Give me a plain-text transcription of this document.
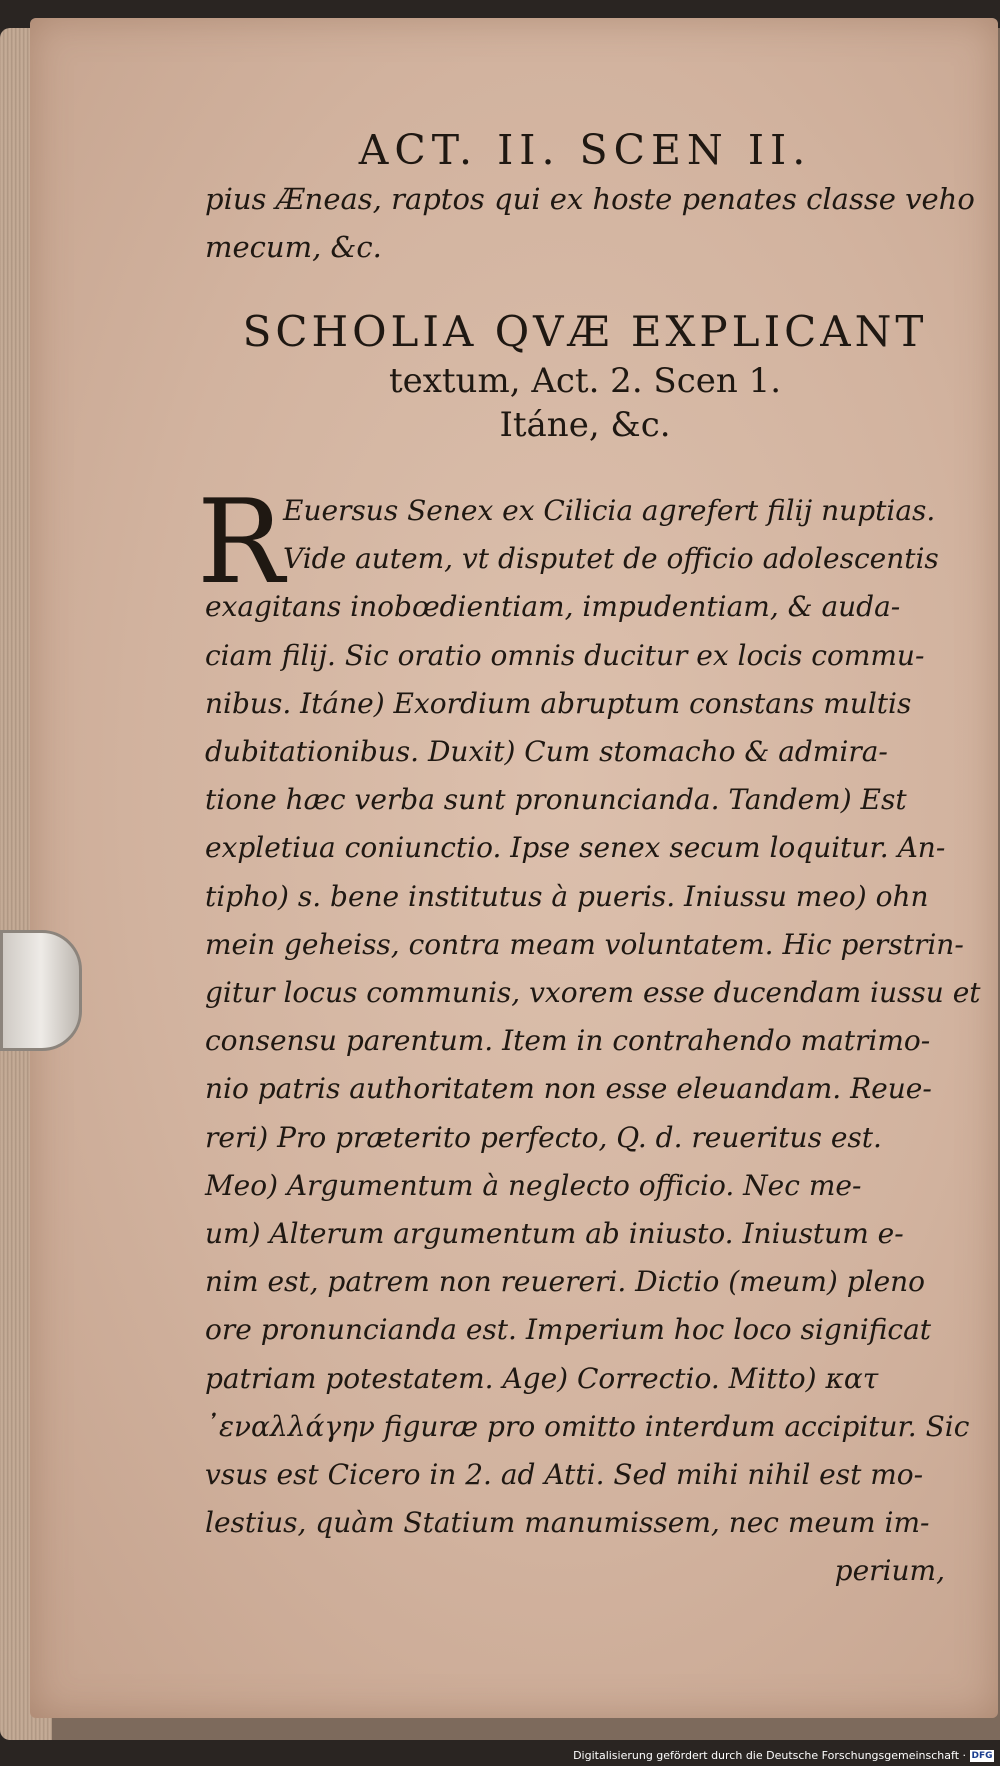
ACT. II. SCEN II.

pius Æneas, raptos qui ex hoste penates classe veho

mecum, &c.

SCHOLIA QVÆ EXPLICANT

textum, Act. 2. Scen 1.

Itáne, &c.

R

Euersus Senex ex Cilicia agrefert filij nuptias.

Vide autem, vt disputet de officio adolescentis

exagitans inobœdientiam, impudentiam, & auda-

ciam filij. Sic oratio omnis ducitur ex locis commu-

nibus. Itáne) Exordium abruptum constans multis

dubitationibus. Duxit) Cum stomacho & admira-

tione hæc verba sunt pronuncianda. Tandem) Est

expletiua coniunctio. Ipse senex secum loquitur. An-

tipho) s. bene institutus à pueris. Iniussu meo) ohn

mein geheiss, contra meam voluntatem. Hic perstrin-

gitur locus communis, vxorem esse ducendam iussu et

consensu parentum. Item in contrahendo matrimo-

nio patris authoritatem non esse eleuandam. Reue-

reri) Pro præterito perfecto, Q. d. reueritus est.

Meo) Argumentum à neglecto officio. Nec me-

um) Alterum argumentum ab iniusto. Iniustum e-

nim est, patrem non reuereri. Dictio (meum) pleno

ore pronuncianda est. Imperium hoc loco significat

patriam potestatem. Age) Correctio. Mitto) κατ

᾿εναλλάγην figuræ pro omitto interdum accipitur. Sic

vsus est Cicero in 2. ad Atti. Sed mihi nihil est mo-

lestius, quàm Statium manumissem, nec meum im-

perium,

Digitalisierung gefördert durch die Deutsche Forschungsgemeinschaft · DFG
